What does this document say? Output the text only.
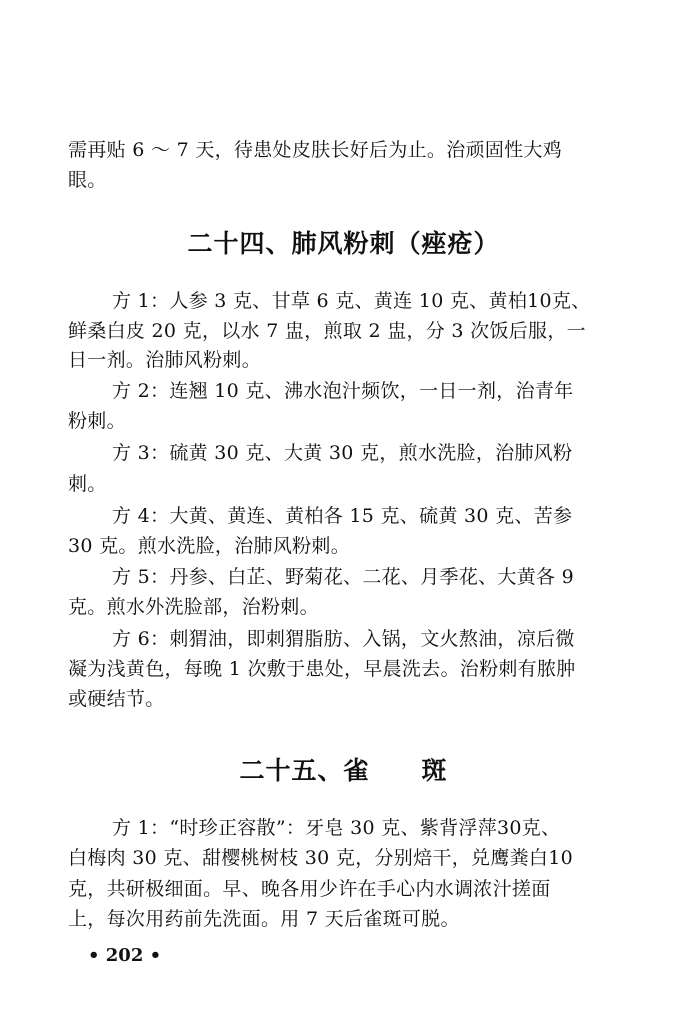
需再贴 6 ～ 7 天，待患处皮肤长好后为止。治顽固性大鸡
眼。
二十四、肺风粉刺（痤疮）
方 1：人参 3 克、甘草 6 克、黄连 10 克、黄柏10克、
鲜桑白皮 20 克，以水 7 盅，煎取 2 盅，分 3 次饭后服，一
日一剂。治肺风粉刺。
方 2：连翘 10 克、沸水泡汁频饮，一日一剂，治青年
粉刺。
方 3：硫黄 30 克、大黄 30 克，煎水洗脸，治肺风粉
刺。
方 4：大黄、黄连、黄柏各 15 克、硫黄 30 克、苦参
30 克。煎水洗脸，治肺风粉刺。
方 5：丹参、白芷、野菊花、二花、月季花、大黄各 9
克。煎水外洗脸部，治粉刺。
方 6：刺猬油，即刺猬脂肪、入锅，文火熬油，凉后微
凝为浅黄色，每晚 1 次敷于患处，早晨洗去。治粉刺有脓肿
或硬结节。
二十五、雀　　斑
方 1：“时珍正容散”：牙皂 30 克、紫背浮萍30克、
白梅肉 30 克、甜樱桃树枝 30 克，分别焙干，兑鹰粪白10
克，共研极细面。早、晚各用少许在手心内水调浓汁搓面
上，每次用药前先洗面。用 7 天后雀斑可脱。
• 202 •
